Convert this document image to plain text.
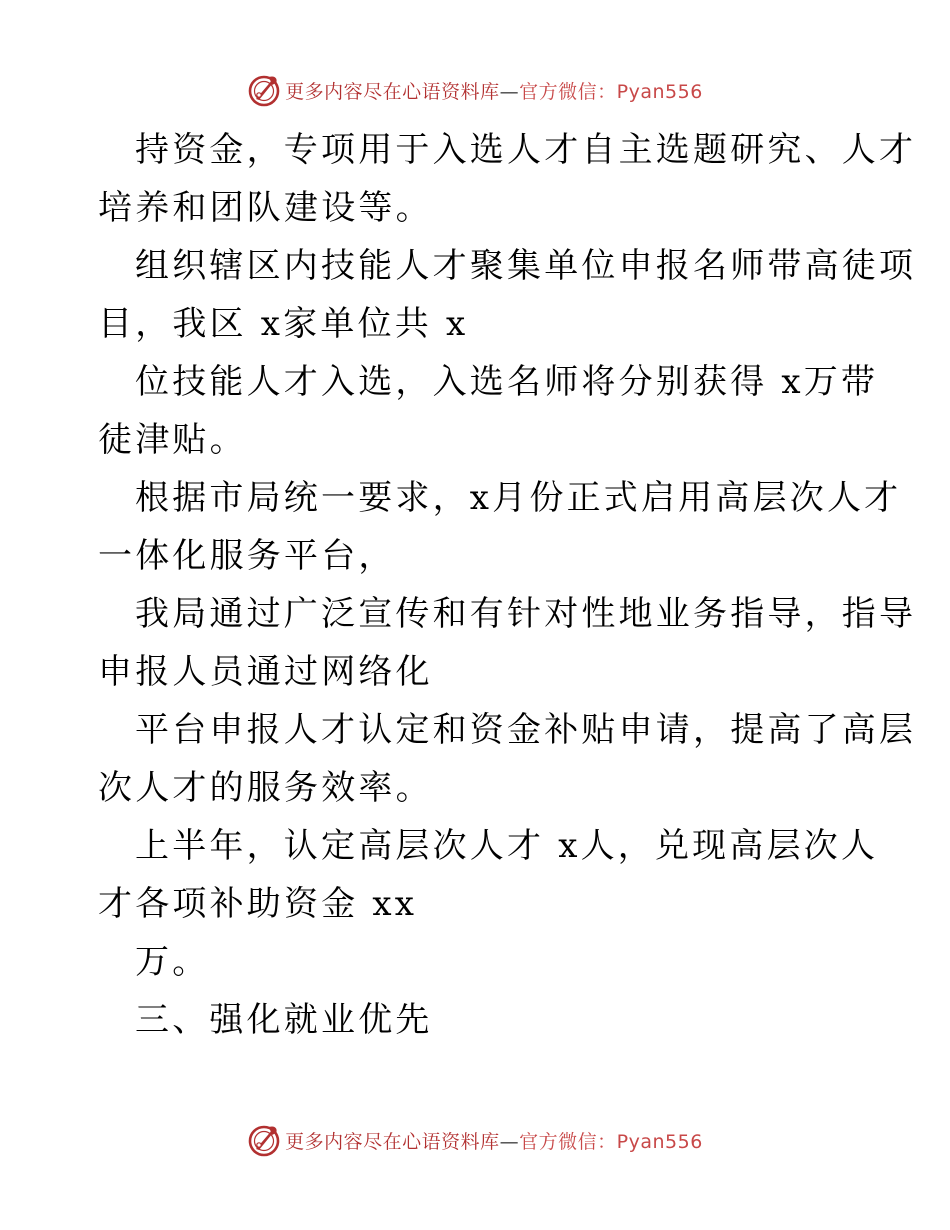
更多内容尽在心语资料库—官方微信：Pyan556
持资金，专项用于入选人才自主选题研究、人才
培养和团队建设等。
组织辖区内技能人才聚集单位申报名师带高徒项
目，我区 x家单位共 x
位技能人才入选，入选名师将分别获得 x万带
徒津贴。
根据市局统一要求，x月份正式启用高层次人才
一体化服务平台，
我局通过广泛宣传和有针对性地业务指导，指导
申报人员通过网络化
平台申报人才认定和资金补贴申请，提高了高层
次人才的服务效率。
上半年，认定高层次人才 x人，兑现高层次人
才各项补助资金 xx
万。
三、强化就业优先
更多内容尽在心语资料库—官方微信：Pyan556
